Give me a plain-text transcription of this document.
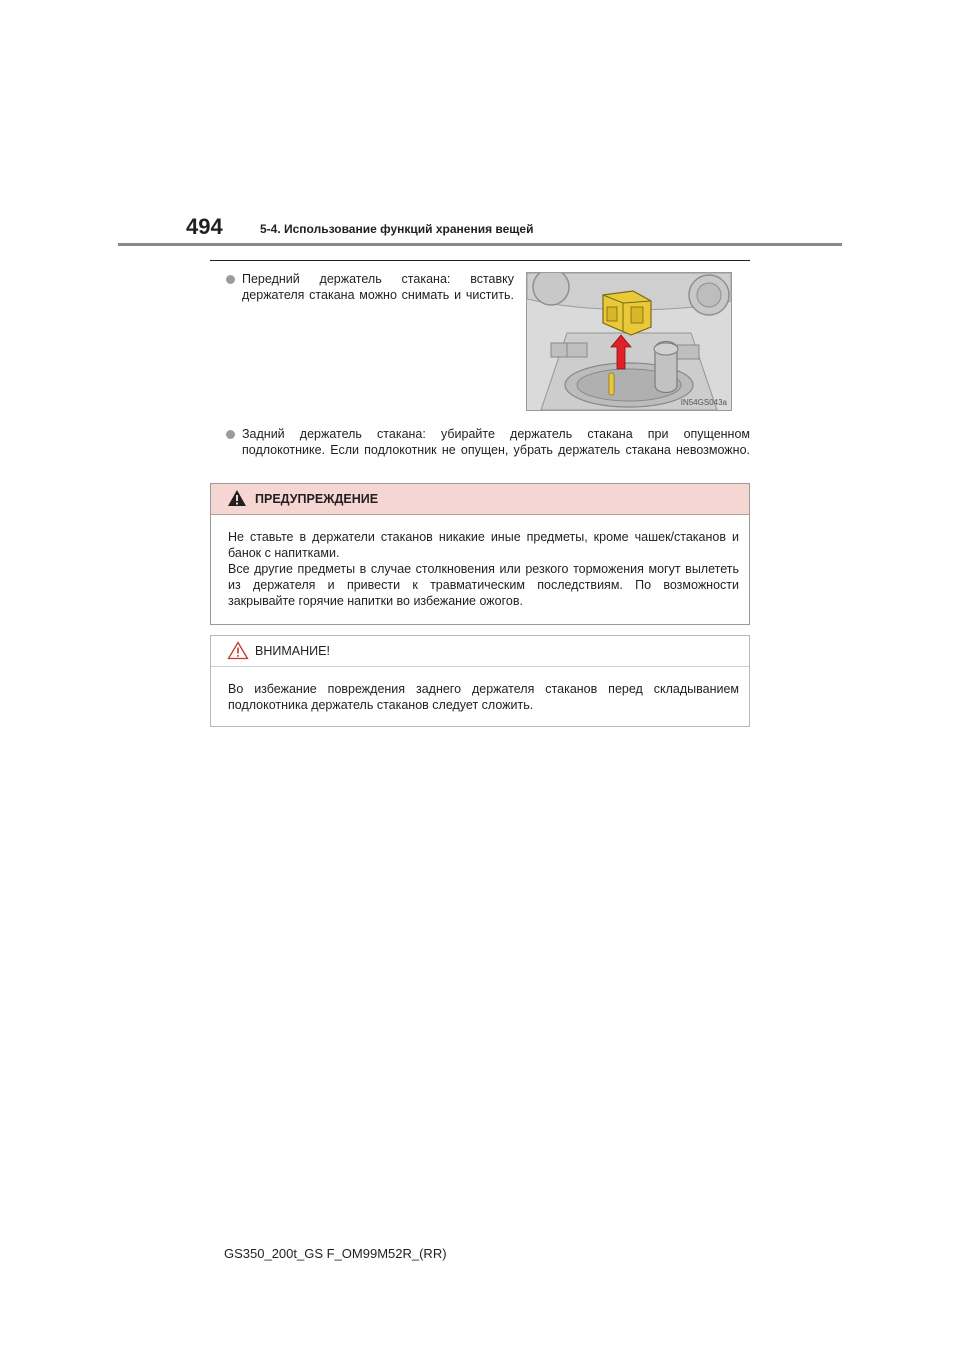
494	5-4. Использование функций хранения вещей
Передний держатель стакана: вставку держателя стакана можно снимать и чистить.
IN54GS043a
Задний держатель стакана: убирайте держатель стакана при опущенном подлокотнике. Если подлокотник не опущен, убрать держатель стакана невозможно.
ПРЕДУПРЕЖДЕНИЕ

Не ставьте в держатели стаканов никакие иные предметы, кроме чашек/стаканов и банок с напитками.

Все другие предметы в случае столкновения или резкого торможения могут вылететь из держателя и привести к травматическим последствиям. По возможности закрывайте горячие напитки во избежание ожогов.

ВНИМАНИЕ!

Во избежание повреждения заднего держателя стаканов перед складыванием подлокотника держатель стаканов следует сложить.

GS350_200t_GS F_OM99M52R_(RR)
